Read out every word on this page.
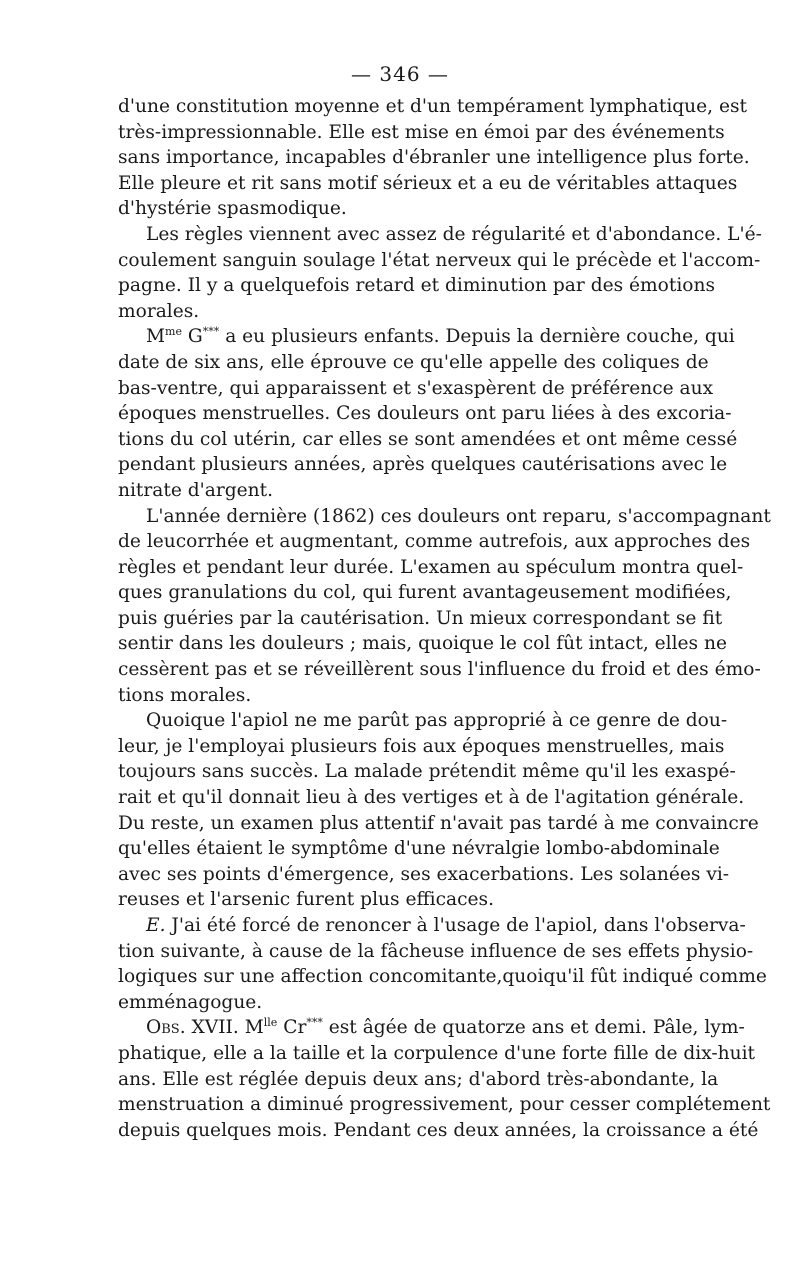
— 346 —
d'une constitution moyenne et d'un tempérament lymphatique, est
très-impressionnable. Elle est mise en émoi par des événements
sans importance, incapables d'ébranler une intelligence plus forte.
Elle pleure et rit sans motif sérieux et a eu de véritables attaques
d'hystérie spasmodique.
Les règles viennent avec assez de régularité et d'abondance. L'é-
coulement sanguin soulage l'état nerveux qui le précède et l'accom-
pagne. Il y a quelquefois retard et diminution par des émotions
morales.
$M^{me}$ G*** a eu plusieurs enfants. Depuis la dernière couche, qui
date de six ans, elle éprouve ce qu'elle appelle des coliques de
bas-ventre, qui apparaissent et s'exaspèrent de préférence aux
époques menstruelles. Ces douleurs ont paru liées à des excoria-
tions du col utérin, car elles se sont amendées et ont même cessé
pendant plusieurs années, après quelques cautérisations avec le
nitrate d'argent.
L'année dernière (1862) ces douleurs ont reparu, s'accompagnant
de leucorrhée et augmentant, comme autrefois, aux approches des
règles et pendant leur durée. L'examen au spéculum montra quel-
ques granulations du col, qui furent avantageusement modifiées,
puis guéries par la cautérisation. Un mieux correspondant se fit
sentir dans les douleurs ; mais, quoique le col fût intact, elles ne
cessèrent pas et se réveillèrent sous l'influence du froid et des émo-
tions morales.
Quoique l'apiol ne me parût pas approprié à ce genre de dou-
leur, je l'employai plusieurs fois aux époques menstruelles, mais
toujours sans succès. La malade prétendit même qu'il les exaspé-
rait et qu'il donnait lieu à des vertiges et à de l'agitation générale.
Du reste, un examen plus attentif n'avait pas tardé à me convaincre
qu'elles étaient le symptôme d'une névralgie lombo-abdominale
avec ses points d'émergence, ses exacerbations. Les solanées vi-
reuses et l'arsenic furent plus efficaces.
E. J'ai été forcé de renoncer à l'usage de l'apiol, dans l'observa-
tion suivante, à cause de la fâcheuse influence de ses effets physio-
logiques sur une affection concomitante,quoiqu'il fût indiqué comme
emménagogue.
Obs. XVII. $M^{lle}$ Cr*** est âgée de quatorze ans et demi. Pâle, lym-
phatique, elle a la taille et la corpulence d'une forte fille de dix-huit
ans. Elle est réglée depuis deux ans; d'abord très-abondante, la
menstruation a diminué progressivement, pour cesser complétement
depuis quelques mois. Pendant ces deux années, la croissance a été
